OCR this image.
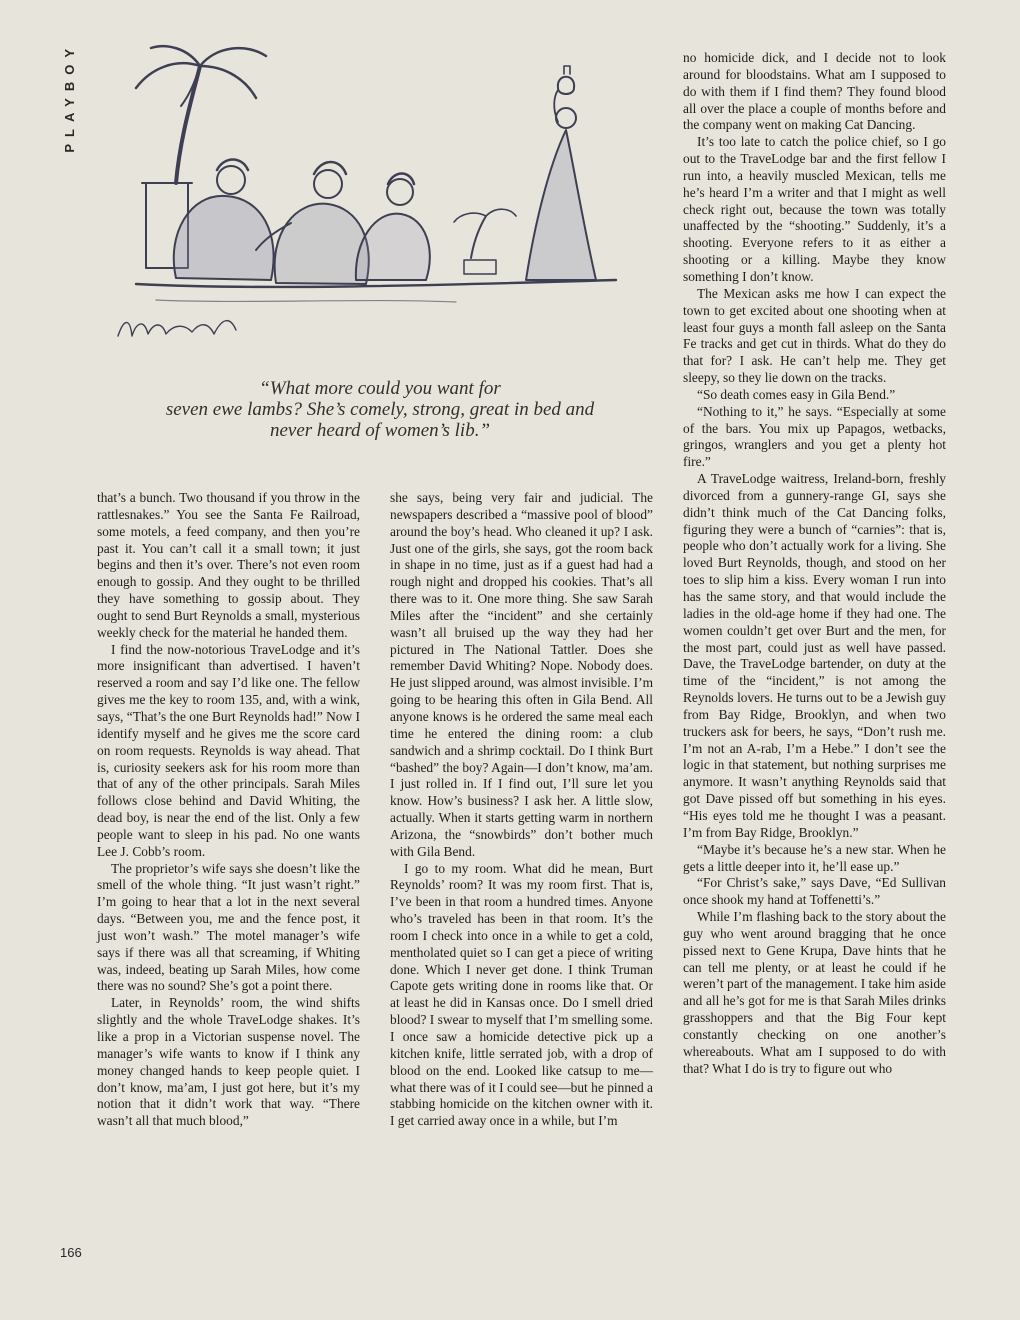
PLAYBOY
“What more could you want for
seven ewe lambs? She’s comely, strong, great in bed and
never heard of women’s lib.”

that’s a bunch. Two thousand if you throw in the rattlesnakes.” You see the Santa Fe Railroad, some motels, a feed company, and then you’re past it. You can’t call it a small town; it just begins and then it’s over. There’s not even room enough to gossip. And they ought to be thrilled they have something to gossip about. They ought to send Burt Reynolds a small, mysterious weekly check for the material he handed them.

I find the now-notorious TraveLodge and it’s more insignificant than advertised. I haven’t reserved a room and say I’d like one. The fellow gives me the key to room 135, and, with a wink, says, “That’s the one Burt Reynolds had!” Now I identify myself and he gives me the score card on room requests. Reynolds is way ahead. That is, curiosity seekers ask for his room more than that of any of the other principals. Sarah Miles follows close behind and David Whiting, the dead boy, is near the end of the list. Only a few people want to sleep in his pad. No one wants Lee J. Cobb’s room.

The proprietor’s wife says she doesn’t like the smell of the whole thing. “It just wasn’t right.” I’m going to hear that a lot in the next several days. “Between you, me and the fence post, it just won’t wash.” The motel manager’s wife says if there was all that screaming, if Whiting was, indeed, beating up Sarah Miles, how come there was no sound? She’s got a point there.

Later, in Reynolds’ room, the wind shifts slightly and the whole TraveLodge shakes. It’s like a prop in a Victorian suspense novel. The manager’s wife wants to know if I think any money changed hands to keep people quiet. I don’t know, ma’am, I just got here, but it’s my notion that it didn’t work that way. “There wasn’t all that much blood,”

she says, being very fair and judicial. The newspapers described a “massive pool of blood” around the boy’s head. Who cleaned it up? I ask. Just one of the girls, she says, got the room back in shape in no time, just as if a guest had had a rough night and dropped his cookies. That’s all there was to it. One more thing. She saw Sarah Miles after the “incident” and she certainly wasn’t all bruised up the way they had her pictured in The National Tattler. Does she remember David Whiting? Nope. Nobody does. He just slipped around, was almost invisible. I’m going to be hearing this often in Gila Bend. All anyone knows is he ordered the same meal each time he entered the dining room: a club sandwich and a shrimp cocktail. Do I think Burt “bashed” the boy? Again—I don’t know, ma’am. I just rolled in. If I find out, I’ll sure let you know. How’s business? I ask her. A little slow, actually. When it starts getting warm in northern Arizona, the “snowbirds” don’t bother much with Gila Bend.

I go to my room. What did he mean, Burt Reynolds’ room? It was my room first. That is, I’ve been in that room a hundred times. Anyone who’s traveled has been in that room. It’s the room I check into once in a while to get a cold, mentholated quiet so I can get a piece of writing done. Which I never get done. I think Truman Capote gets writing done in rooms like that. Or at least he did in Kansas once. Do I smell dried blood? I swear to myself that I’m smelling some. I once saw a homicide detective pick up a kitchen knife, little serrated job, with a drop of blood on the end. Looked like catsup to me—what there was of it I could see—but he pinned a stabbing homicide on the kitchen owner with it. I get carried away once in a while, but I’m

no homicide dick, and I decide not to look around for bloodstains. What am I supposed to do with them if I find them? They found blood all over the place a couple of months before and the company went on making Cat Dancing.

It’s too late to catch the police chief, so I go out to the TraveLodge bar and the first fellow I run into, a heavily muscled Mexican, tells me he’s heard I’m a writer and that I might as well check right out, because the town was totally unaffected by the “shooting.” Suddenly, it’s a shooting. Everyone refers to it as either a shooting or a killing. Maybe they know something I don’t know.

The Mexican asks me how I can expect the town to get excited about one shooting when at least four guys a month fall asleep on the Santa Fe tracks and get cut in thirds. What do they do that for? I ask. He can’t help me. They get sleepy, so they lie down on the tracks.

“So death comes easy in Gila Bend.”

“Nothing to it,” he says. “Especially at some of the bars. You mix up Papagos, wetbacks, gringos, wranglers and you get a plenty hot fire.”

A TraveLodge waitress, Ireland-born, freshly divorced from a gunnery-range GI, says she didn’t think much of the Cat Dancing folks, figuring they were a bunch of “carnies”: that is, people who don’t actually work for a living. She loved Burt Reynolds, though, and stood on her toes to slip him a kiss. Every woman I run into has the same story, and that would include the ladies in the old-age home if they had one. The women couldn’t get over Burt and the men, for the most part, could just as well have passed. Dave, the TraveLodge bartender, on duty at the time of the “incident,” is not among the Reynolds lovers. He turns out to be a Jewish guy from Bay Ridge, Brooklyn, and when two truckers ask for beers, he says, “Don’t rush me. I’m not an A-rab, I’m a Hebe.” I don’t see the logic in that statement, but nothing surprises me anymore. It wasn’t anything Reynolds said that got Dave pissed off but something in his eyes. “His eyes told me he thought I was a peasant. I’m from Bay Ridge, Brooklyn.”

“Maybe it’s because he’s a new star. When he gets a little deeper into it, he’ll ease up.”

“For Christ’s sake,” says Dave, “Ed Sullivan once shook my hand at Toffenetti’s.”

While I’m flashing back to the story about the guy who went around bragging that he once pissed next to Gene Krupa, Dave hints that he can tell me plenty, or at least he could if he weren’t part of the management. I take him aside and all he’s got for me is that Sarah Miles drinks grasshoppers and that the Big Four kept constantly checking on one another’s whereabouts. What am I supposed to do with that? What I do is try to figure out who

166
